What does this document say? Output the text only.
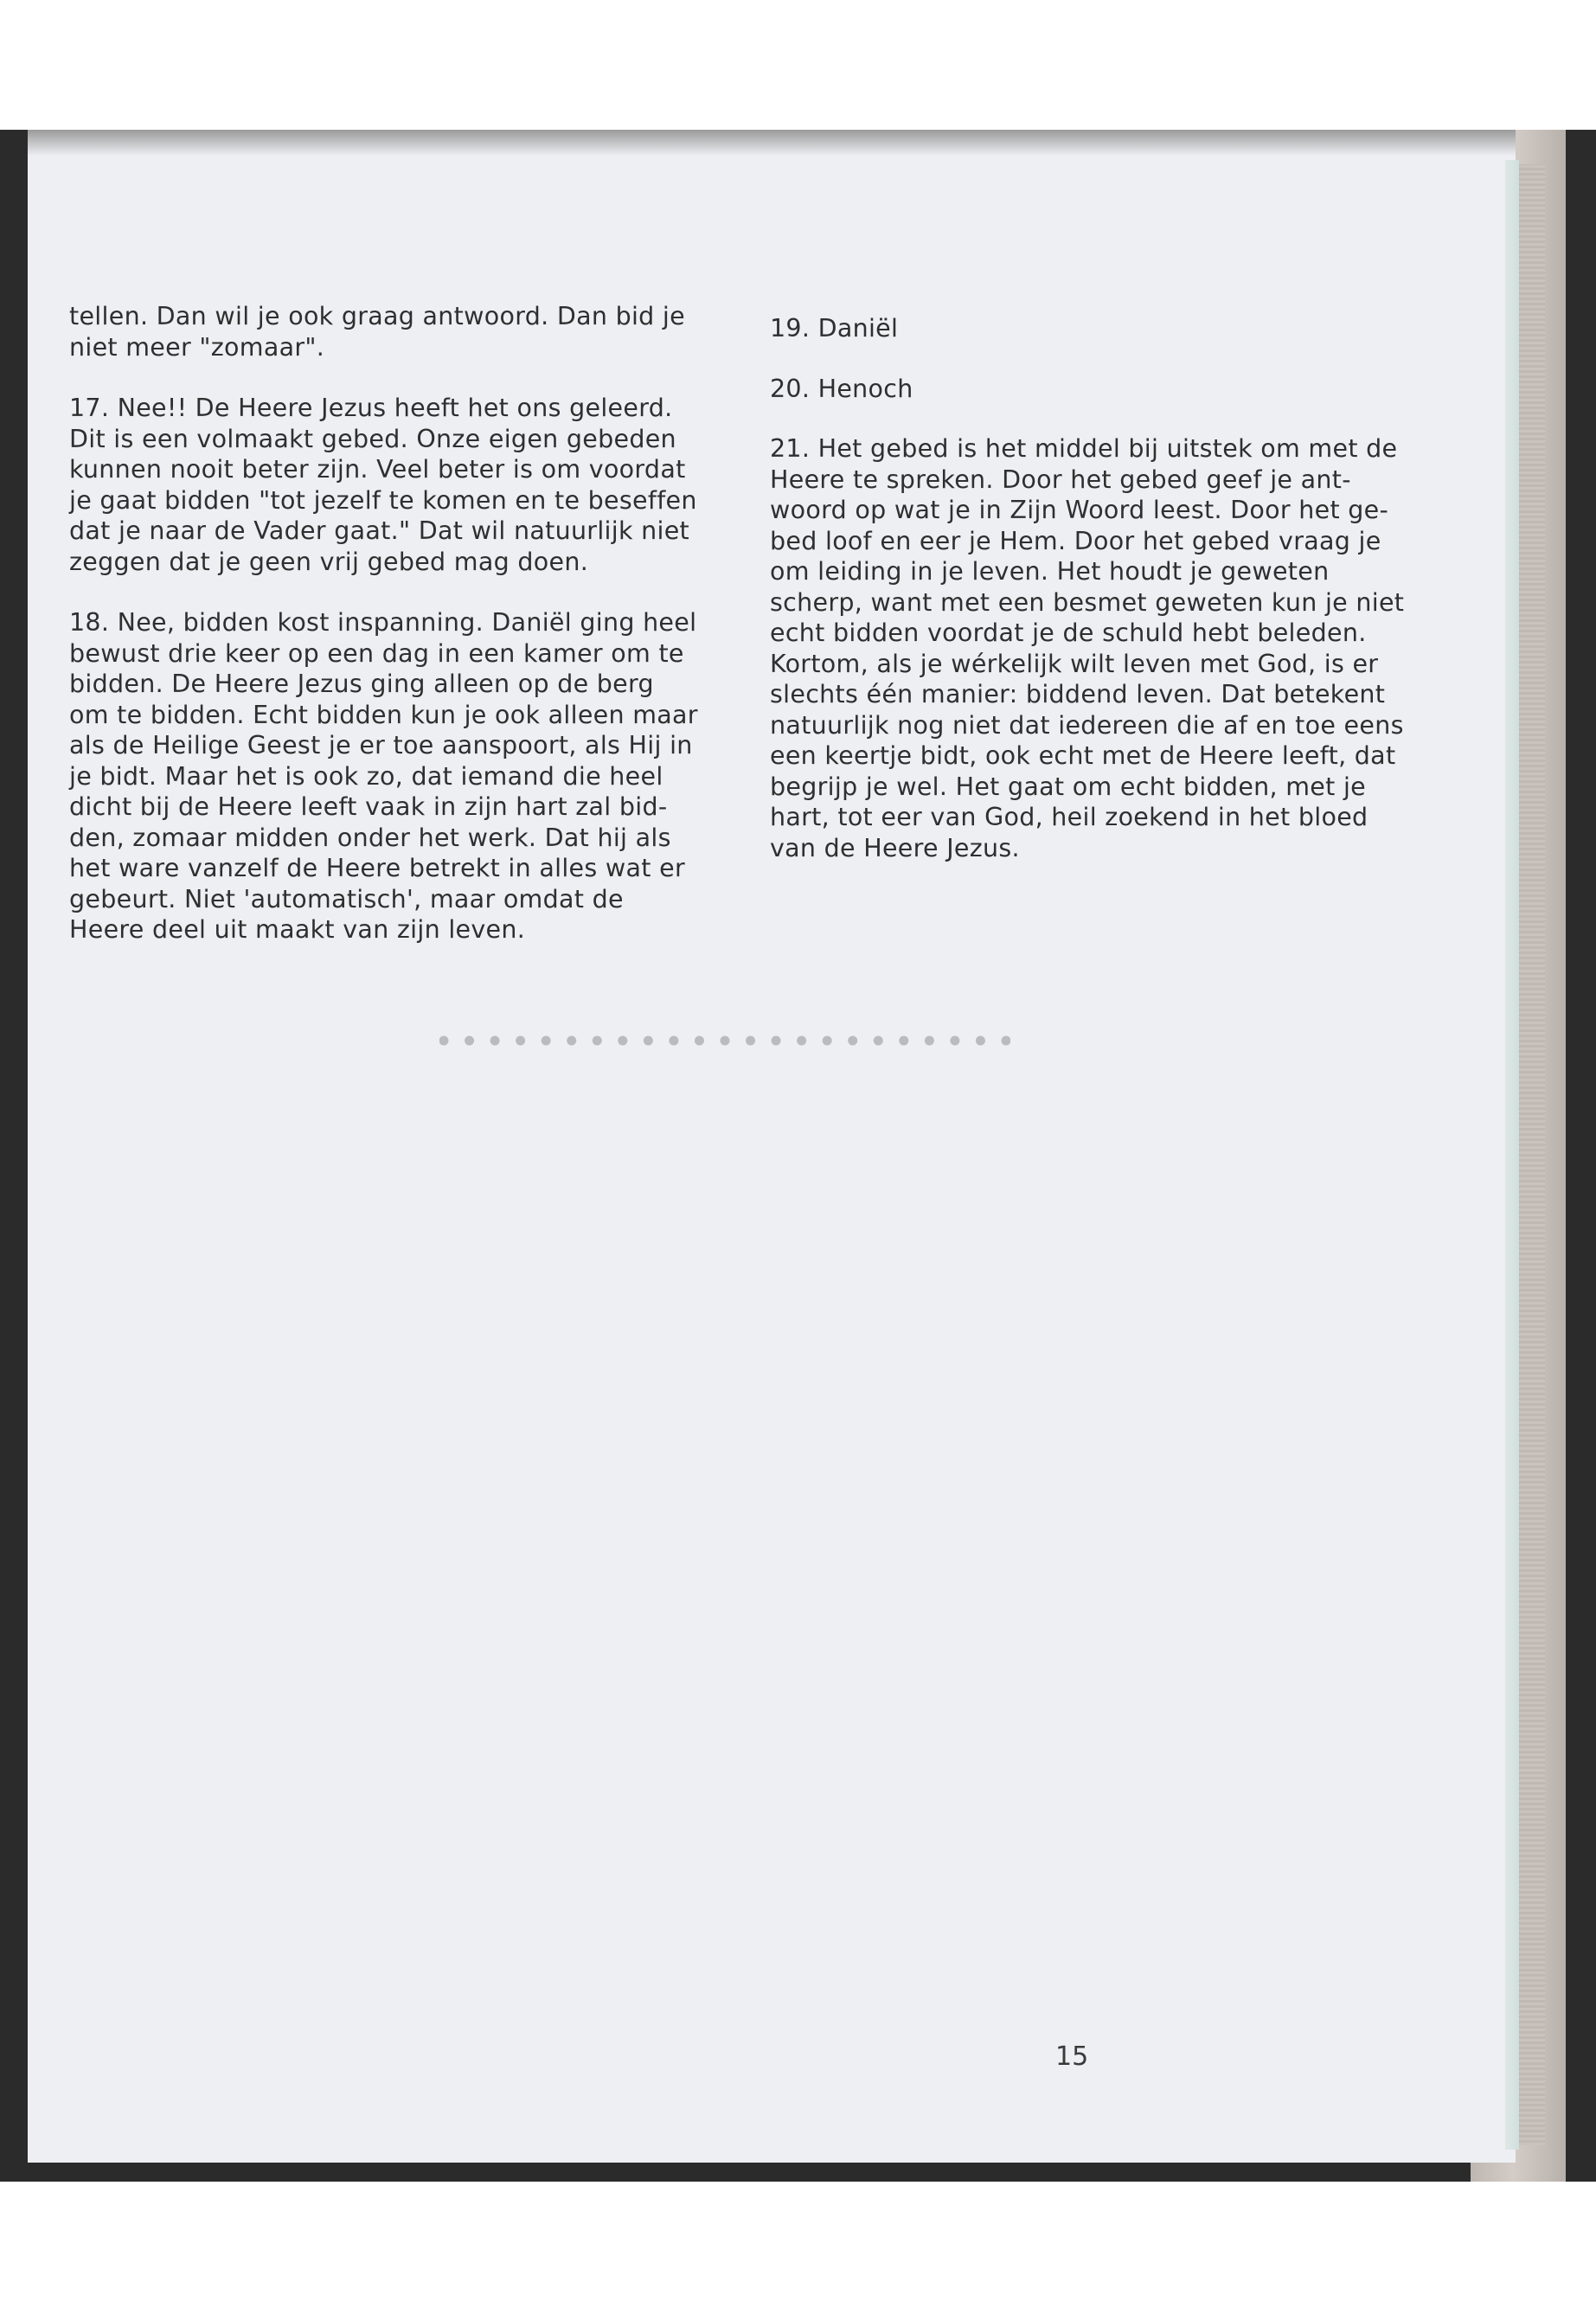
tellen. Dan wil je ook graag antwoord. Dan bid je
niet meer "zomaar".

17. Nee!! De Heere Jezus heeft het ons geleerd.
Dit is een volmaakt gebed. Onze eigen gebeden
kunnen nooit beter zijn. Veel beter is om voordat
je gaat bidden "tot jezelf te komen en te beseffen
dat je naar de Vader gaat." Dat wil natuurlijk niet
zeggen dat je geen vrij gebed mag doen.

18. Nee, bidden kost inspanning. Daniël ging heel
bewust drie keer op een dag in een kamer om te
bidden. De Heere Jezus ging alleen op de berg
om te bidden. Echt bidden kun je ook alleen maar
als de Heilige Geest je er toe aanspoort, als Hij in
je bidt. Maar het is ook zo, dat iemand die heel
dicht bij de Heere leeft vaak in zijn hart zal bid-
den, zomaar midden onder het werk. Dat hij als
het ware vanzelf de Heere betrekt in alles wat er
gebeurt. Niet 'automatisch', maar omdat de
Heere deel uit maakt van zijn leven.

19. Daniël

20. Henoch

21. Het gebed is het middel bij uitstek om met de
Heere te spreken. Door het gebed geef je ant-
woord op wat je in Zijn Woord leest. Door het ge-
bed loof en eer je Hem. Door het gebed vraag je
om leiding in je leven. Het houdt je geweten
scherp, want met een besmet geweten kun je niet
echt bidden voordat je de schuld hebt beleden.
Kortom, als je wérkelijk wilt leven met God, is er
slechts één manier: biddend leven. Dat betekent
natuurlijk nog niet dat iedereen die af en toe eens
een keertje bidt, ook echt met de Heere leeft, dat
begrijp je wel. Het gaat om echt bidden, met je
hart, tot eer van God, heil zoekend in het bloed
van de Heere Jezus.

15
